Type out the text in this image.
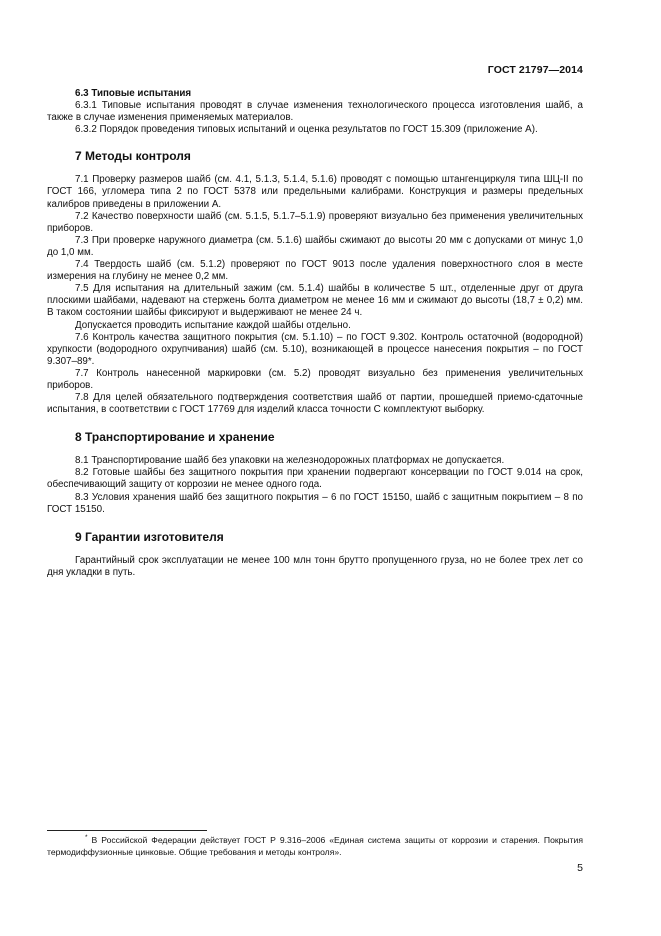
ГОСТ 21797—2014
6.3 Типовые испытания

6.3.1 Типовые испытания проводят в случае изменения технологического процесса изготовления шайб, а также в случае изменения применяемых материалов.

6.3.2 Порядок проведения типовых испытаний и оценка результатов по ГОСТ 15.309 (приложение А).

7 Методы контроля

7.1 Проверку размеров шайб (см. 4.1, 5.1.3, 5.1.4, 5.1.6) проводят с помощью штангенциркуля типа ШЦ-II по ГОСТ 166, угломера типа 2 по ГОСТ 5378 или предельными калибрами. Конструкция и размеры предельных калибров приведены в приложении А.

7.2 Качество поверхности шайб (см. 5.1.5, 5.1.7–5.1.9) проверяют визуально без применения увеличительных приборов.

7.3 При проверке наружного диаметра (см. 5.1.6) шайбы сжимают до высоты 20 мм с допусками от минус 1,0 до 1,0 мм.

7.4 Твердость шайб (см. 5.1.2) проверяют по ГОСТ 9013 после удаления поверхностного слоя в месте измерения на глубину не менее 0,2 мм.

7.5 Для испытания на длительный зажим (см. 5.1.4) шайбы в количестве 5 шт., отделенные друг от друга плоскими шайбами, надевают на стержень болта диаметром не менее 16 мм и сжимают до высоты (18,7 ± 0,2) мм. В таком состоянии шайбы фиксируют и выдерживают не менее 24 ч.

Допускается проводить испытание каждой шайбы отдельно.

7.6 Контроль качества защитного покрытия (см. 5.1.10) – по ГОСТ 9.302. Контроль остаточной (водородной) хрупкости (водородного охрупчивания) шайб (см. 5.10), возникающей в процессе нанесения покрытия – по ГОСТ 9.307–89*.

7.7 Контроль нанесенной маркировки (см. 5.2) проводят визуально без применения увеличительных приборов.

7.8 Для целей обязательного подтверждения соответствия шайб от партии, прошедшей приемо-сдаточные испытания, в соответствии с ГОСТ 17769 для изделий класса точности С комплектуют выборку.

8 Транспортирование и хранение

8.1 Транспортирование шайб без упаковки на железнодорожных платформах не допускается.

8.2 Готовые шайбы без защитного покрытия при хранении подвергают консервации по ГОСТ 9.014 на срок, обеспечивающий защиту от коррозии не менее одного года.

8.3 Условия хранения шайб без защитного покрытия – 6 по ГОСТ 15150, шайб с защитным покрытием – 8 по ГОСТ 15150.

9 Гарантии изготовителя

Гарантийный срок эксплуатации не менее 100 млн тонн брутто пропущенного груза, но не более трех лет со дня укладки в путь.

* В Российской Федерации действует ГОСТ Р 9.316–2006 «Единая система защиты от коррозии и старения. Покрытия термодиффузионные цинковые. Общие требования и методы контроля».
5
